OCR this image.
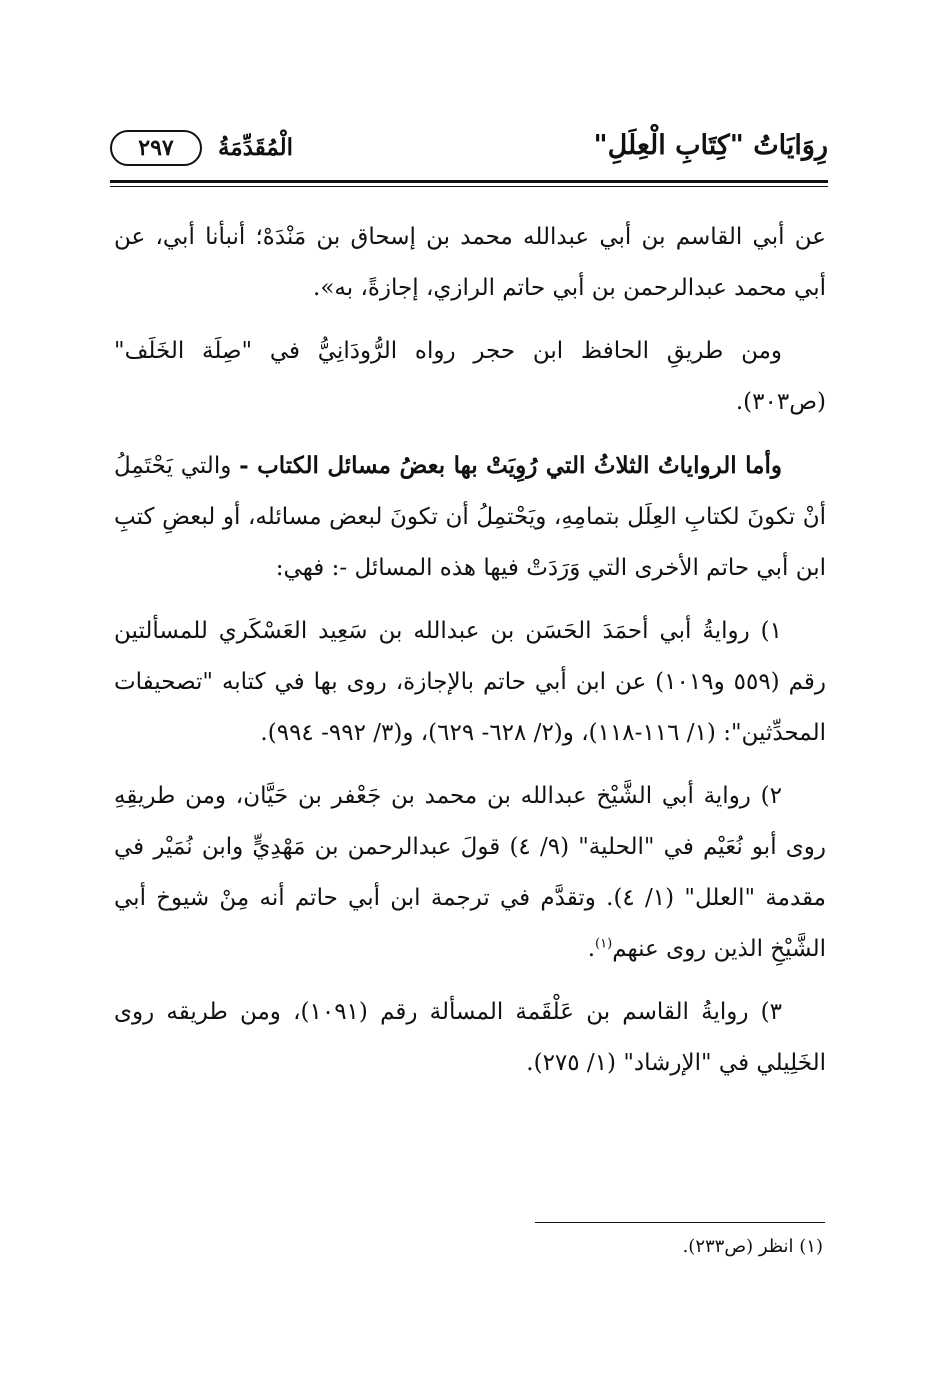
رِوَايَاتُ "كِتَابِ الْعِلَلِ"
الْمُقَدِّمَةُ
٢٩٧

عن أبي القاسم بن أبي عبدالله محمد بن إسحاق بن مَنْدَهْ؛ أنبأنا أبي، عن أبي محمد عبدالرحمن بن أبي حاتم الرازي، إجازةً، به».

ومن طريقِ الحافظ ابن حجر رواه الرُّودَانِيُّ في "صِلَة الخَلَف" (ص٣٠٣).

وأما الرواياتُ الثلاثُ التي رُوِيَتْ بها بعضُ مسائل الكتاب - والتي يَحْتَمِلُ أنْ تكونَ لكتابِ العِلَل بتمامِهِ، ويَحْتمِلُ أن تكونَ لبعض مسائله، أو لبعضِ كتبِ ابن أبي حاتم الأخرى التي وَرَدَتْ فيها هذه المسائل -: فهي:

١) روايةُ أبي أحمَدَ الحَسَن بن عبدالله بن سَعِيد العَسْكَري للمسألتين رقم (٥٥٩ و١٠١٩) عن ابن أبي حاتم بالإجازة، روى بها في كتابه "تصحيفات المحدِّثين": (١/ ١١٦-١١٨)، و(٢/ ٦٢٨- ٦٢٩)، و(٣/ ٩٩٢- ٩٩٤).

٢) رواية أبي الشَّيْخ عبدالله بن محمد بن جَعْفر بن حَيَّان، ومن طريقِهِ روى أبو نُعَيْم في "الحلية" (٩/ ٤) قولَ عبدالرحمن بن مَهْدِيٍّ وابن نُمَيْر في مقدمة "العلل" (١/ ٤). وتقدَّم في ترجمة ابن أبي حاتم أنه مِنْ شيوخ أبي الشَّيْخِ الذين روى عنهم$^{(١)}$.

٣) روايةُ القاسم بن عَلْقَمة المسألة رقم (١٠٩١)، ومن طريقه روى الخَلِيلي في "الإرشاد" (١/ ٢٧٥).

(١) انظر (ص٢٣٣).
